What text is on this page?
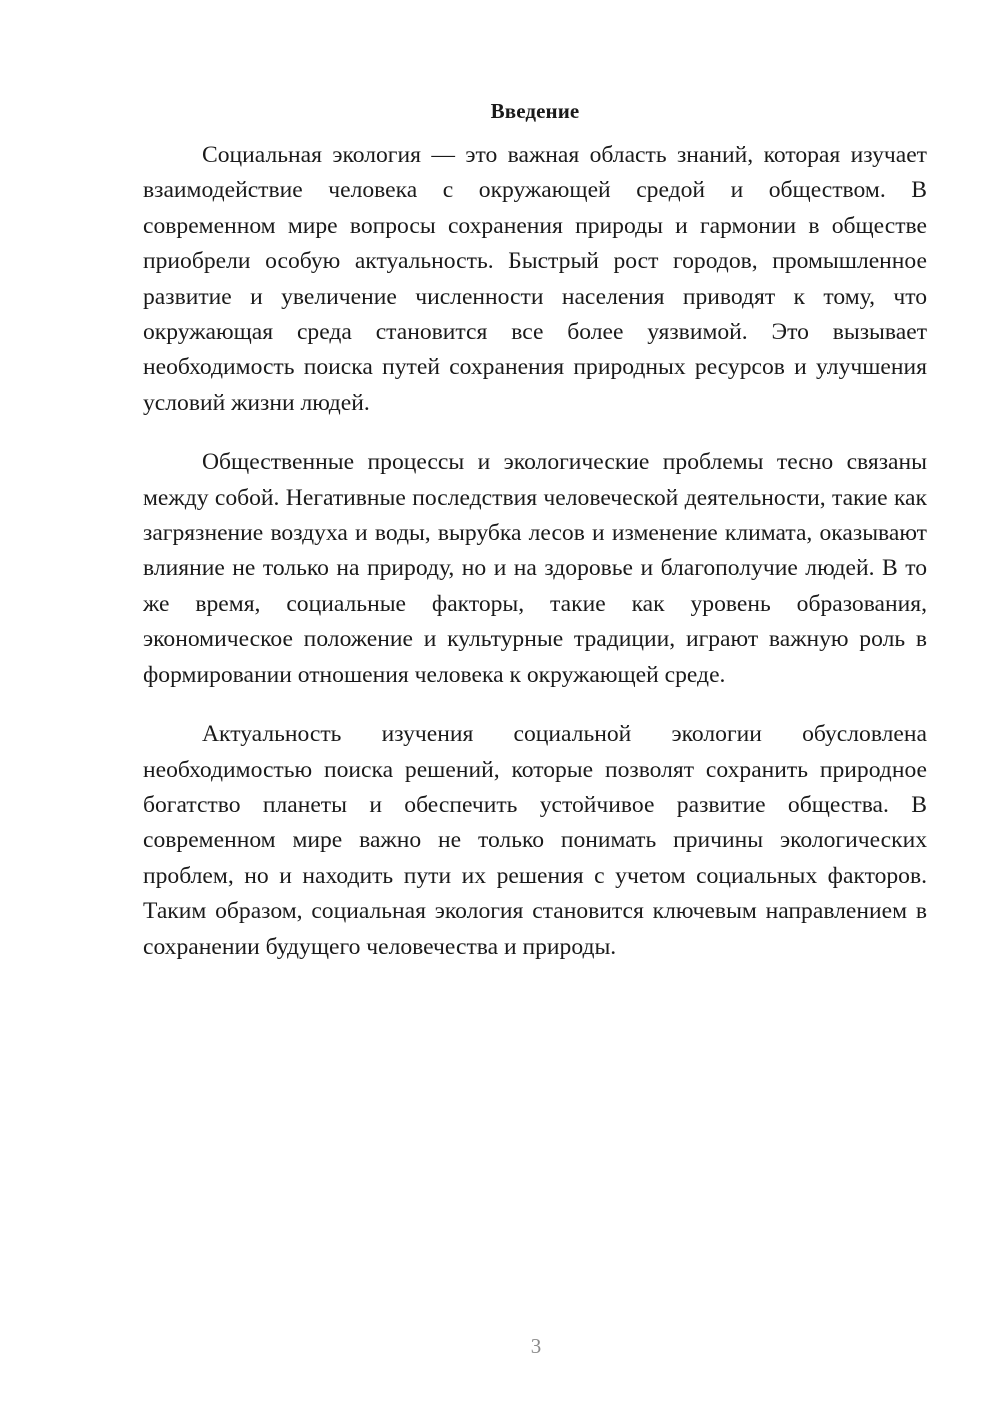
Введение

Социальная экология — это важная область знаний, которая изучает взаимодействие человека с окружающей средой и обществом. В современном мире вопросы сохранения природы и гармонии в обществе приобрели особую актуальность. Быстрый рост городов, промышленное развитие и увеличение численности населения приводят к тому, что окружающая среда становится все более уязвимой. Это вызывает необходимость поиска путей сохранения природных ресурсов и улучшения условий жизни людей.

Общественные процессы и экологические проблемы тесно связаны между собой. Негативные последствия человеческой деятельности, такие как загрязнение воздуха и воды, вырубка лесов и изменение климата, оказывают влияние не только на природу, но и на здоровье и благополучие людей. В то же время, социальные факторы, такие как уровень образования, экономическое положение и культурные традиции, играют важную роль в формировании отношения человека к окружающей среде.

Актуальность изучения социальной экологии обусловлена необходимостью поиска решений, которые позволят сохранить природное богатство планеты и обеспечить устойчивое развитие общества. В современном мире важно не только понимать причины экологических проблем, но и находить пути их решения с учетом социальных факторов. Таким образом, социальная экология становится ключевым направлением в сохранении будущего человечества и природы.

3
